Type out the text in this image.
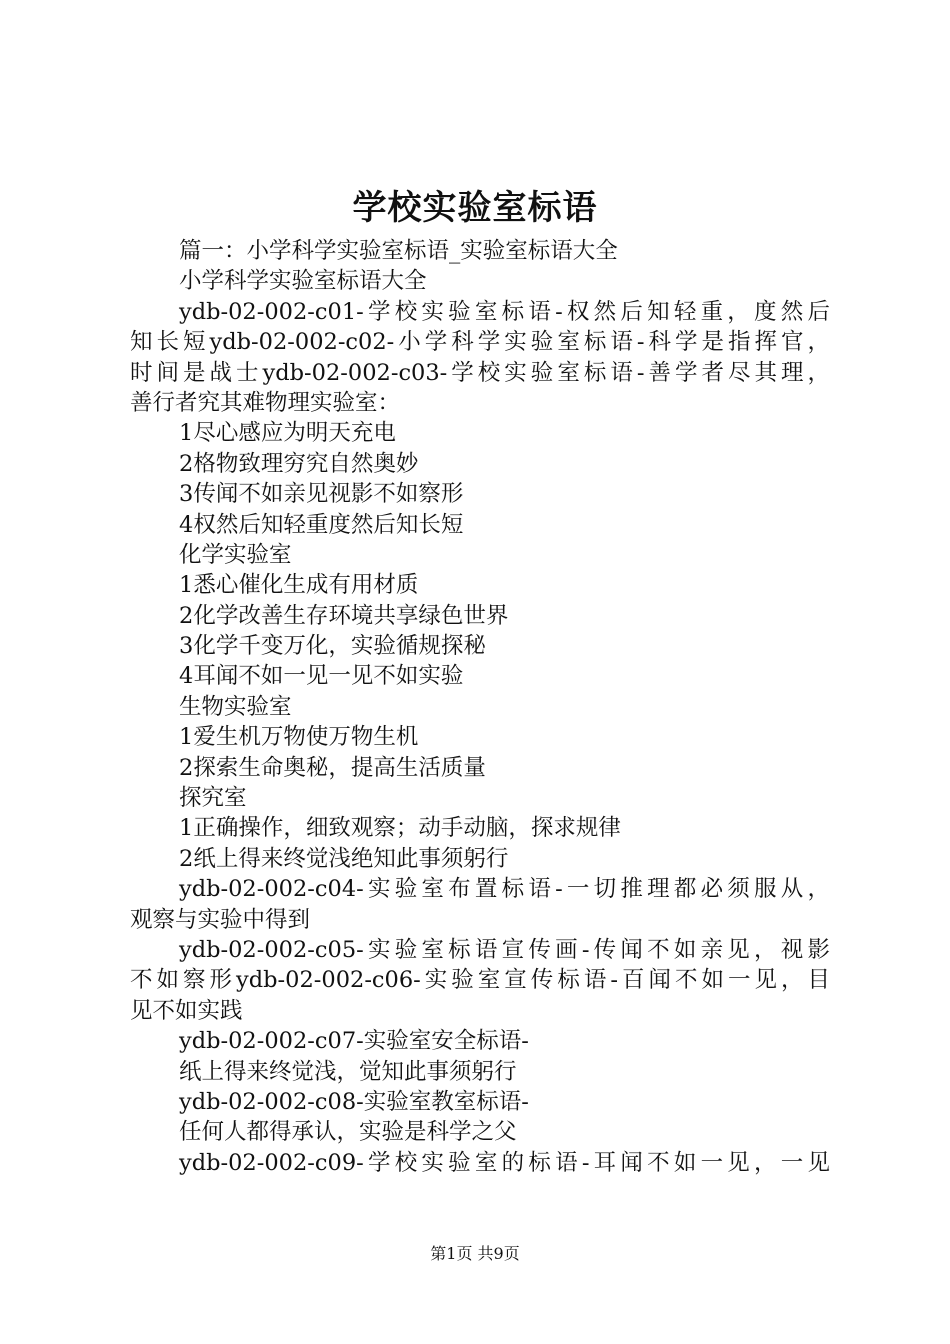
学校实验室标语
篇一：小学科学实验室标语_实验室标语大全
小学科学实验室标语大全
ydb-02-002-c01-学校实验室标语-权然后知轻重，度然后
知长短ydb-02-002-c02-小学科学实验室标语-科学是指挥官，
时间是战士ydb-02-002-c03-学校实验室标语-善学者尽其理，
善行者究其难物理实验室：
1尽心感应为明天充电
2格物致理穷究自然奥妙
3传闻不如亲见视影不如察形
4权然后知轻重度然后知长短
化学实验室
1悉心催化生成有用材质
2化学改善生存环境共享绿色世界
3化学千变万化，实验循规探秘
4耳闻不如一见一见不如实验
生物实验室
1爱生机万物使万物生机
2探索生命奥秘，提高生活质量
探究室
1正确操作，细致观察；动手动脑，探求规律
2纸上得来终觉浅绝知此事须躬行
ydb-02-002-c04-实验室布置标语-一切推理都必须服从，
观察与实验中得到
ydb-02-002-c05-实验室标语宣传画-传闻不如亲见，视影
不如察形ydb-02-002-c06-实验室宣传标语-百闻不如一见，目
见不如实践
ydb-02-002-c07-实验室安全标语-
纸上得来终觉浅，觉知此事须躬行
ydb-02-002-c08-实验室教室标语-
任何人都得承认，实验是科学之父
ydb-02-002-c09-学校实验室的标语-耳闻不如一见，一见
第1页 共9页
